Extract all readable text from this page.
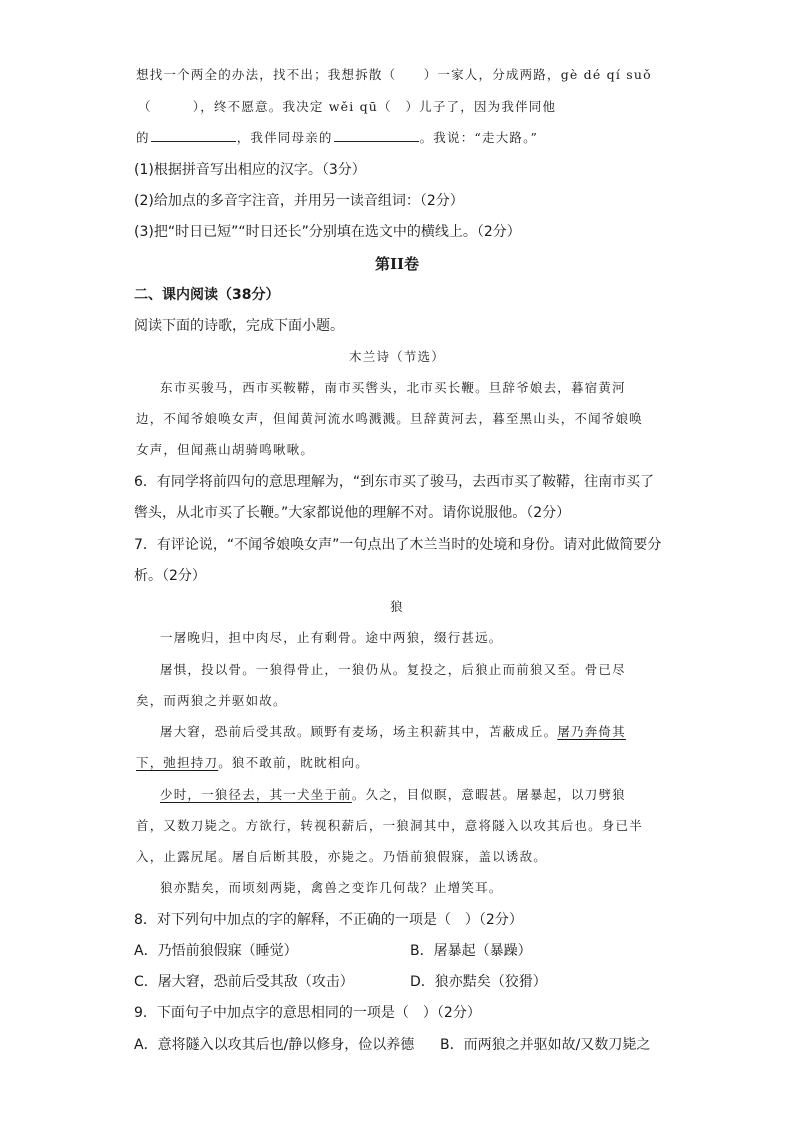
想找一个两全的办法，找不出；我想拆散（　　）一家人，分成两路，gè dé qí suǒ
（　　　），终不愿意。我决定 wěi qū（　）儿子了，因为我伴同他
的	，我伴同母亲的	。我说：“走大路。”
(1)根据拼音写出相应的汉字。（3分）
(2)给加点的多音字注音，并用另一读音组词：（2分）
(3)把“时日已短”“时日还长”分别填在选文中的横线上。（2分）
第II卷
二、课内阅读（38分）
阅读下面的诗歌，完成下面小题。
木兰诗（节选）
东市买骏马，西市买鞍鞯，南市买辔头，北市买长鞭。旦辞爷娘去，暮宿黄河
边，不闻爷娘唤女声，但闻黄河流水鸣溅溅。旦辞黄河去，暮至黑山头，不闻爷娘唤
女声，但闻燕山胡骑鸣啾啾。
6．有同学将前四句的意思理解为，“到东市买了骏马，去西市买了鞍鞯，往南市买了
辔头，从北市买了长鞭。”大家都说他的理解不对。请你说服他。（2分）
7．有评论说，“不闻爷娘唤女声”一句点出了木兰当时的处境和身份。请对此做简要分
析。（2分）
狼
一屠晚归，担中肉尽，止有剩骨。途中两狼，缀行甚远。
屠惧，投以骨。一狼得骨止，一狼仍从。复投之，后狼止而前狼又至。骨已尽
矣，而两狼之并驱如故。
屠大窘，恐前后受其敌。顾野有麦场，场主积薪其中，苫蔽成丘。屠乃奔倚其
下，弛担持刀。狼不敢前，眈眈相向。
少时，一狼径去，其一犬坐于前。久之，目似瞑，意暇甚。屠暴起，以刀劈狼
首，又数刀毙之。方欲行，转视积薪后，一狼洞其中，意将隧入以攻其后也。身已半
入，止露尻尾。屠自后断其股，亦毙之。乃悟前狼假寐，盖以诱敌。
狼亦黠矣，而顷刻两毙，禽兽之变诈几何哉？止增笑耳。
8．对下列句中加点的字的解释，不正确的一项是（　）（2分）
A．乃悟前狼假寐（睡觉）	B．屠暴起（暴躁）
C．屠大窘，恐前后受其敌（攻击）	D．狼亦黠矣（狡猾）
9．下面句子中加点字的意思相同的一项是（　）（2分）
A．意将隧入以攻其后也/静以修身，俭以养德 B．而两狼之并驱如故/又数刀毙之
